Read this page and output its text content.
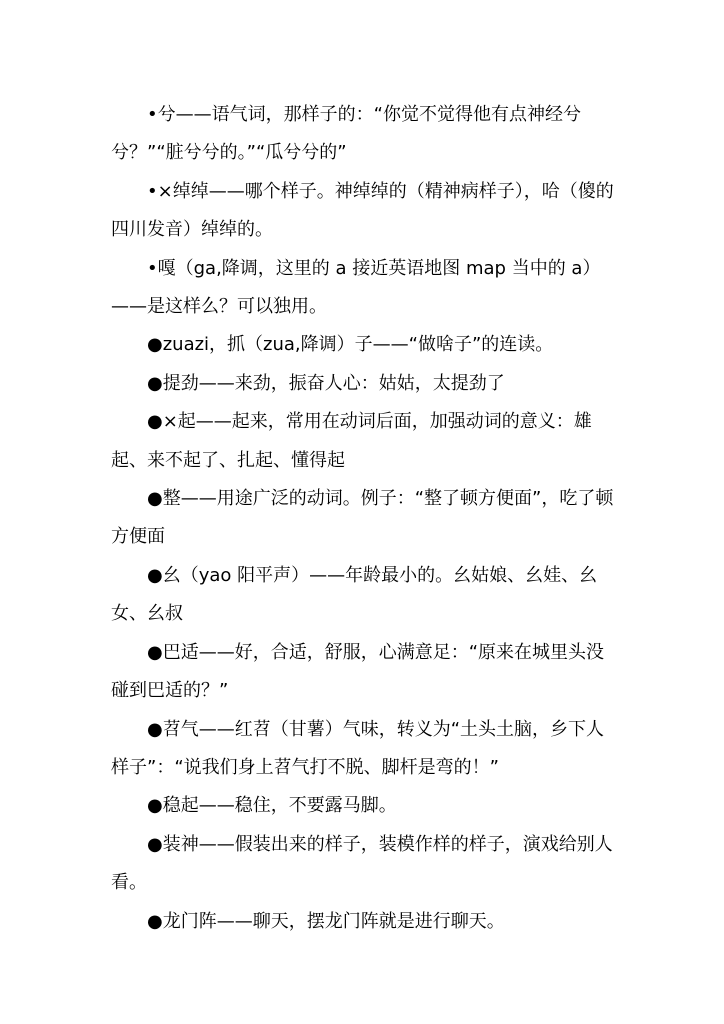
•兮——语气词，那样子的：“你觉不觉得他有点神经兮兮？”“脏兮兮的。”“瓜兮兮的”

•×绰绰——哪个样子。神绰绰的（精神病样子），哈（傻的四川发音）绰绰的。

•嘎（ga,降调，这里的 a 接近英语地图 map 当中的 a）——是这样么？可以独用。

●zuazi，抓（zua,降调）子——“做啥子”的连读。

●提劲——来劲，振奋人心：姑姑，太提劲了

●×起——起来，常用在动词后面，加强动词的意义：雄起、来不起了、扎起、懂得起

●整——用途广泛的动词。例子：“整了顿方便面”，吃了顿方便面

●幺（yao 阳平声）——年龄最小的。幺姑娘、幺娃、幺女、幺叔

●巴适——好，合适，舒服，心满意足：“原来在城里头没碰到巴适的？”

●苕气——红苕（甘薯）气味，转义为“土头土脑，乡下人样子”：“说我们身上苕气打不脱、脚杆是弯的！”

●稳起——稳住，不要露马脚。

●装神——假装出来的样子，装模作样的样子，演戏给别人看。

●龙门阵——聊天，摆龙门阵就是进行聊天。
